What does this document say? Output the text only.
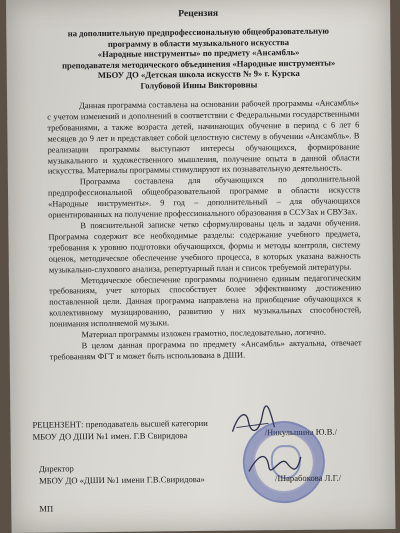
Рецензия
на дополнительную предпрофессиональную общеобразовательную
программу в области музыкального искусства
«Народные инструменты» по предмету «Ансамбль»
преподавателя методического объединения «Народные инструменты»
МБОУ ДО «Детская школа искусств № 9» г. Курска
Голубовой Инны Викторовны

Данная программа составлена на основании рабочей программы «Ансамбль» с учетом изменений и дополнений в соответствии с Федеральными государственными требованиями, а также возраста детей, начинающих обучение в период с 6 лет 6 месяцев до 9 лет и представляет собой целостную систему в обучении «Ансамбль». В реализации программы выступают интересы обучающихся, формирование музыкального и художественного мышления, получение опыта в данной области искусства. Материалы программы стимулируют их познавательную деятельность.

Программа составлена для обучающихся по дополнительной предпрофессиональной общеобразовательной программе в области искусств «Народные инструменты». 9 год – дополнительный – для обучающихся ориентированных на получение профессионального образования в ССУЗах и СВУЗах.

В пояснительной записке четко сформулированы цель и задачи обучения. Программа содержит все необходимые разделы: содержание учебного предмета, требования к уровню подготовки обучающихся, формы и методы контроля, систему оценок, методическое обеспечение учебного процесса, в которых указана важность музыкально-слухового анализа, репертуарный план и список требуемой литературы.

Методическое обеспечение программы подчинено единым педагогическим требованиям, учет которых способствует более эффективному достижению поставленной цели. Данная программа направлена на приобщение обучающихся к коллективному музицированию, развитию у них музыкальных способностей, понимания исполняемой музыки.

Материал программы изложен грамотно, последовательно, логично.

В целом данная программа по предмету «Ансамбль» актуальна, отвечает требованиям ФГТ и может быть использована в ДШИ.

РЕЦЕНЗЕНТ: преподаватель высшей категории
МБОУ ДО ДШИ №1 имен. Г.В Свиридова	/Никульшина Ю.В./
Директор
МБОУ ДО «ДШИ №1 имени Г.В.Свиридова»	/Шарабокова Л.Г./
МП
